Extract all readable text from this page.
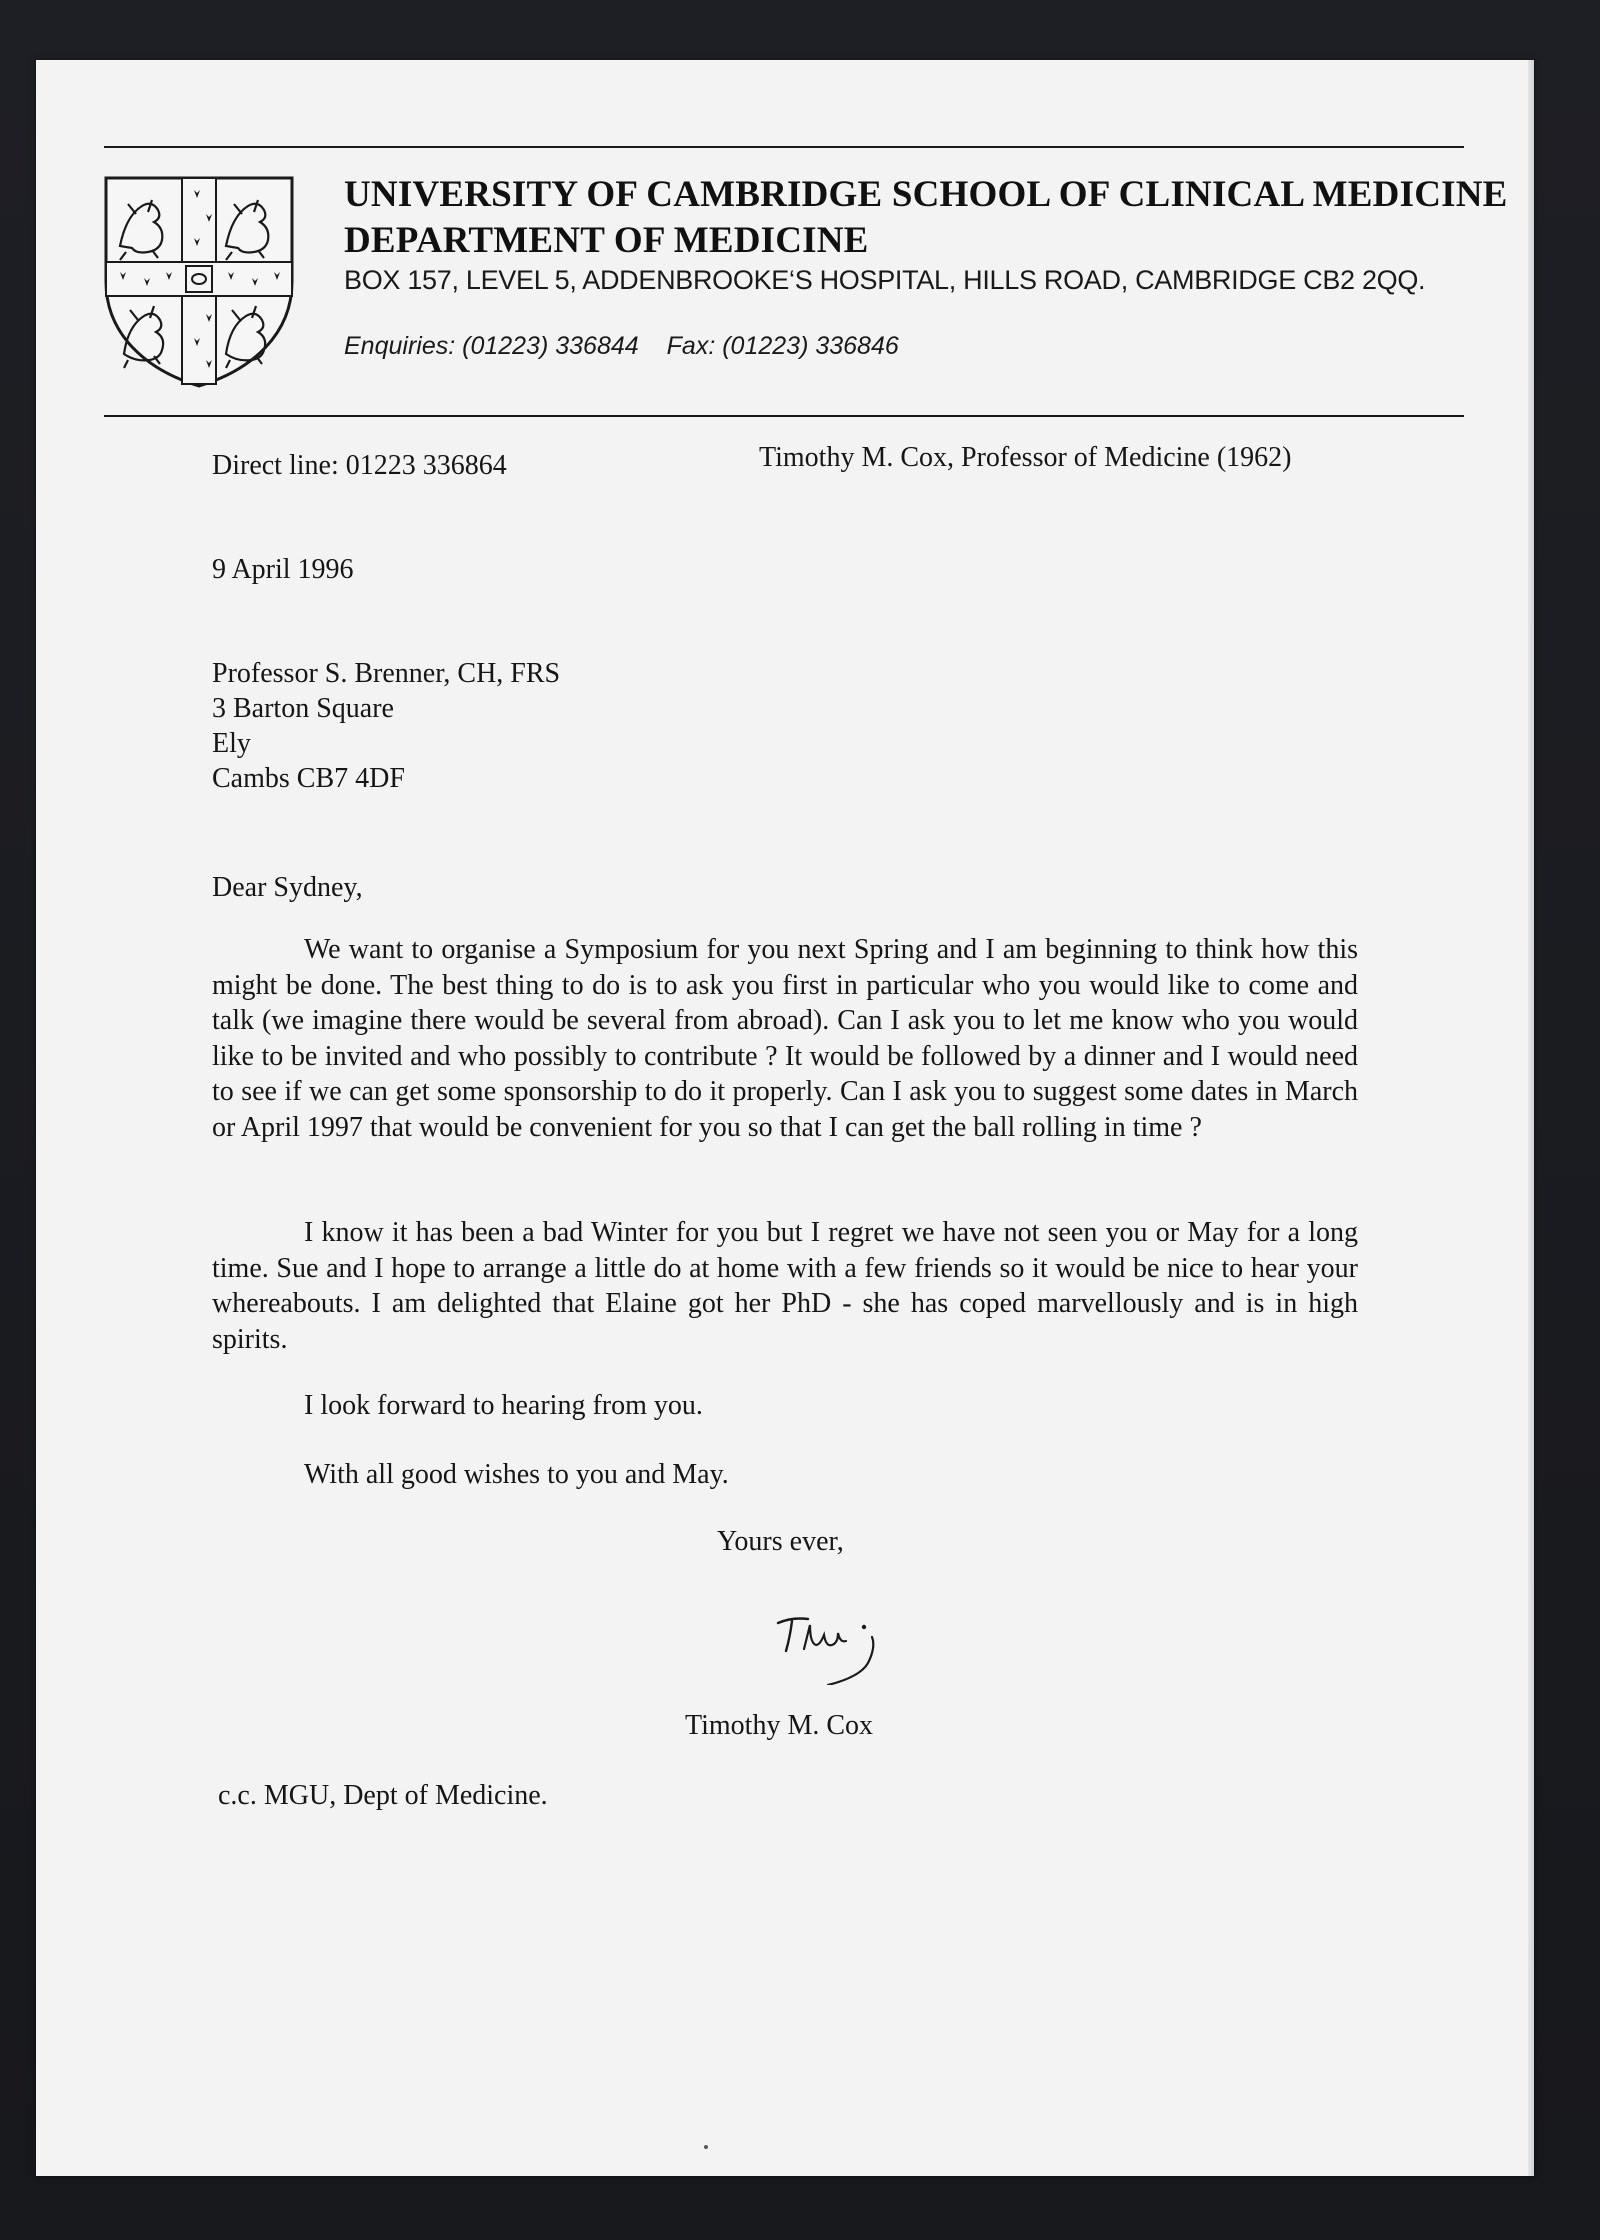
UNIVERSITY OF CAMBRIDGE SCHOOL OF CLINICAL MEDICINE
DEPARTMENT OF MEDICINE
BOX 157, LEVEL 5, ADDENBROOKE‘S HOSPITAL, HILLS ROAD, CAMBRIDGE CB2 2QQ.
Enquiries: (01223) 336844 Fax: (01223) 336846
Direct line: 01223 336864	Timothy M. Cox, Professor of Medicine (1962)
9 April 1996
Professor S. Brenner, CH, FRS
3 Barton Square
Ely
Cambs CB7 4DF
Dear Sydney,

We want to organise a Symposium for you next Spring and I am beginning to think how this might be done. The best thing to do is to ask you first in particular who you would like to come and talk (we imagine there would be several from abroad). Can I ask you to let me know who you would like to be invited and who possibly to contribute ? It would be followed by a dinner and I would need to see if we can get some sponsorship to do it properly. Can I ask you to suggest some dates in March or April 1997 that would be convenient for you so that I can get the ball rolling in time ?

I know it has been a bad Winter for you but I regret we have not seen you or May for a long time. Sue and I hope to arrange a little do at home with a few friends so it would be nice to hear your whereabouts. I am delighted that Elaine got her PhD - she has coped marvellously and is in high spirits.

I look forward to hearing from you.
With all good wishes to you and May.
Yours ever,
Timothy M. Cox
c.c. MGU, Dept of Medicine.
